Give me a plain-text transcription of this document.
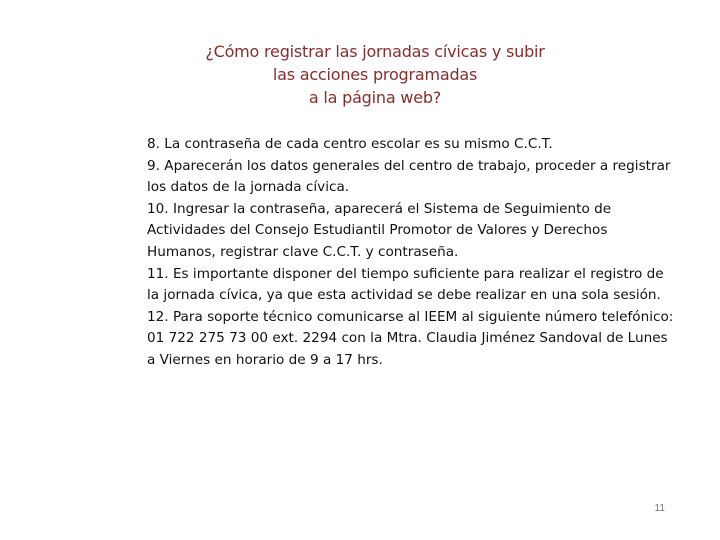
¿Cómo registrar las jornadas cívicas y subir
las acciones programadas
a la página web?

8. La contraseña de cada centro escolar es su mismo C.C.T.

9. Aparecerán los datos generales del centro de trabajo, proceder a registrar los datos de la jornada cívica.

10. Ingresar la contraseña, aparecerá el Sistema de Seguimiento de Actividades del Consejo Estudiantil Promotor de Valores y Derechos Humanos, registrar clave C.C.T. y contraseña.

11. Es importante disponer del tiempo suficiente para realizar el registro de la jornada cívica, ya que esta actividad se debe realizar en una sola sesión.

12. Para soporte técnico comunicarse al IEEM al siguiente número telefónico: 01 722 275 73 00 ext. 2294 con la Mtra. Claudia Jiménez Sandoval de Lunes a Viernes en horario de 9 a 17 hrs.

11
